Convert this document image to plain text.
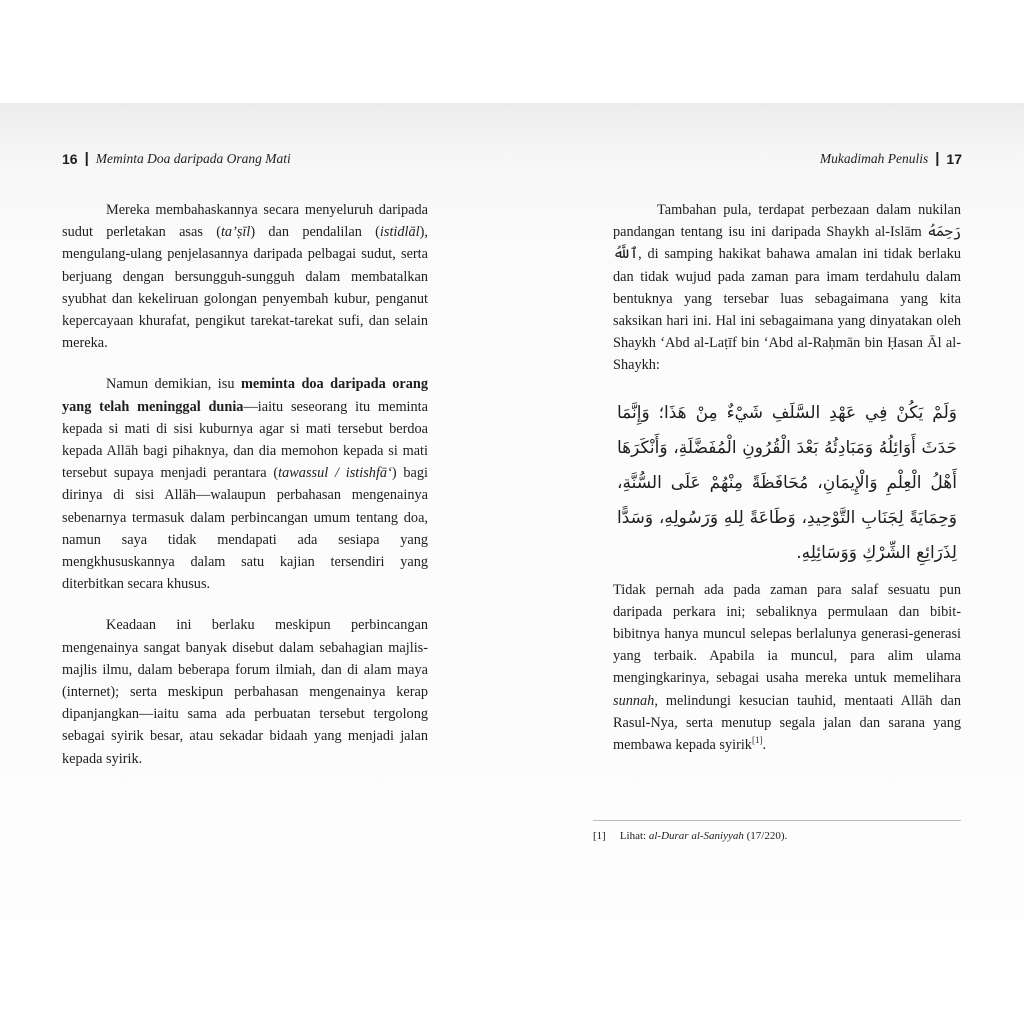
16 | Meminta Doa daripada Orang Mati

Mereka membahaskannya secara menyeluruh daripada sudut perletakan asas (ta’ṣīl) dan pendalilan (istidlāl), mengulang-ulang penjelasannya daripada pelbagai sudut, serta berjuang dengan bersungguh-sungguh dalam membatalkan syubhat dan kekeliruan golongan penyembah kubur, penganut kepercayaan khurafat, pengikut tarekat-tarekat sufi, dan selain mereka.

Namun demikian, isu meminta doa daripada orang yang telah meninggal dunia—iaitu seseorang itu meminta kepada si mati di sisi kuburnya agar si mati tersebut berdoa kepada Allāh bagi pihaknya, dan dia memohon kepada si mati tersebut supaya menjadi perantara (tawassul / istishfā‘) bagi dirinya di sisi Allāh—walaupun perbahasan mengenainya sebenarnya termasuk dalam perbincangan umum tentang doa, namun saya tidak mendapati ada sesiapa yang mengkhususkannya dalam satu kajian tersendiri yang diterbitkan secara khusus.

Keadaan ini berlaku meskipun perbincangan mengenainya sangat banyak disebut dalam sebahagian majlis-majlis ilmu, dalam beberapa forum ilmiah, dan di alam maya (internet); serta meskipun perbahasan mengenainya kerap dipanjangkan—iaitu sama ada perbuatan tersebut tergolong sebagai syirik besar, atau sekadar bidaah yang menjadi jalan kepada syirik.

Mukadimah Penulis | 17

Tambahan pula, terdapat perbezaan dalam nukilan pandangan tentang isu ini daripada Shaykh al-Islām رَحِمَهُ ٱللَّهُ, di samping hakikat bahawa amalan ini tidak berlaku dan tidak wujud pada zaman para imam terdahulu dalam bentuknya yang tersebar luas sebagaimana yang kita saksikan hari ini. Hal ini sebagaimana yang dinyatakan oleh Shaykh ‘Abd al-Laṭīf bin ‘Abd al-Raḥmān bin Ḥasan Āl al-Shaykh:

وَلَمْ يَكُنْ فِي عَهْدِ السَّلَفِ شَيْءٌ مِنْ هَذَا؛ وَإِنَّمَا حَدَثَ أَوَائِلُهُ وَمَبَادِئُهُ بَعْدَ الْقُرُونِ الْمُفَضَّلَةِ، وَأَنْكَرَهَا أَهْلُ الْعِلْمِ وَالْإِيمَانِ، مُحَافَظَةً مِنْهُمْ عَلَى السُّنَّةِ، وَحِمَايَةً لِجَنَابِ التَّوْحِيدِ، وَطَاعَةً لِلهِ وَرَسُولِهِ، وَسَدًّا لِذَرَائِعِ الشِّرْكِ وَوَسَائِلِهِ.

Tidak pernah ada pada zaman para salaf sesuatu pun daripada perkara ini; sebaliknya permulaan dan bibit-bibitnya hanya muncul selepas berlalunya generasi-generasi yang terbaik. Apabila ia muncul, para alim ulama mengingkarinya, sebagai usaha mereka untuk memelihara sunnah, melindungi kesucian tauhid, mentaati Allāh dan Rasul-Nya, serta menutup segala jalan dan sarana yang membawa kepada syirik[1].

[1] Lihat: al-Durar al-Saniyyah (17/220).
